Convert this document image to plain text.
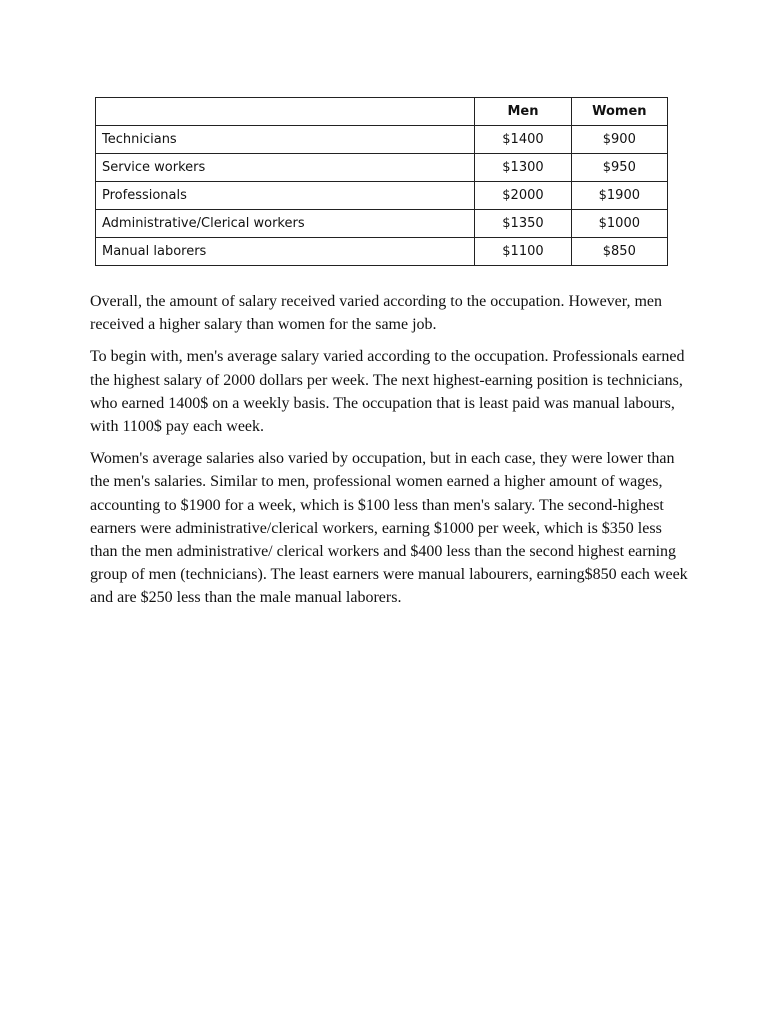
	Men	Women
Technicians	$1400	$900
Service workers	$1300	$950
Professionals	$2000	$1900
Administrative/Clerical workers	$1350	$1000
Manual laborers	$1100	$850

Overall, the amount of salary received varied according to the occupation. However, men received a higher salary than women for the same job.

To begin with, men's average salary varied according to the occupation. Professionals earned the highest salary of 2000 dollars per week. The next highest-earning position is technicians, who earned 1400$ on a weekly basis. The occupation that is least paid was manual labours, with 1100$ pay each week.

Women's average salaries also varied by occupation, but in each case, they were lower than the men's salaries. Similar to men, professional women earned a higher amount of wages, accounting to $1900 for a week, which is $100 less than men's salary. The second-highest earners were administrative/clerical workers, earning $1000 per week, which is $350 less than the men administrative/ clerical workers and $400 less than the second highest earning group of men (technicians). The least earners were manual labourers, earning$850 each week and are $250 less than the male manual laborers.
